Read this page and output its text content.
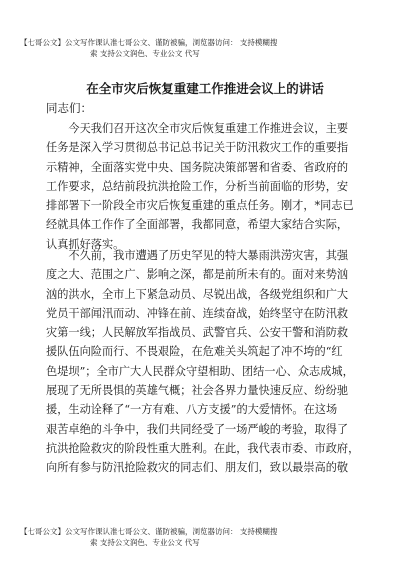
【七哥公文】公文写作课认准七哥公文、谨防被骗，浏览器访问： 支持模糊搜
索 支持公文润色、专业公文 代写
在全市灾后恢复重建工作推进会议上的讲话
同志们：

　　今天我们召开这次全市灾后恢复重建工作推进会议，主要
任务是深入学习贯彻总书记总书记关于防汛救灾工作的重要指
示精神，全面落实党中央、国务院决策部署和省委、省政府的
工作要求，总结前段抗洪抢险工作，分析当前面临的形势，安
排部署下一阶段全市灾后恢复重建的重点任务。刚才，*同志已
经就具体工作作了全面部署，我都同意，希望大家结合实际，
认真抓好落实。

　　不久前，我市遭遇了历史罕见的特大暴雨洪涝灾害，其强
度之大、范围之广、影响之深，都是前所未有的。面对来势汹
汹的洪水，全市上下紧急动员、尽锐出战，各级党组织和广大
党员干部闻汛而动、冲锋在前、连续奋战，始终坚守在防汛救
灾第一线；人民解放军指战员、武警官兵、公安干警和消防救
援队伍向险而行、不畏艰险，在危难关头筑起了冲不垮的“红
色堤坝”；全市广大人民群众守望相助、团结一心、众志成城，
展现了无所畏惧的英雄气概；社会各界力量快速反应、纷纷驰
援，生动诠释了“一方有难、八方支援”的大爱情怀。在这场
艰苦卓绝的斗争中，我们共同经受了一场严峻的考验，取得了
抗洪抢险救灾的阶段性重大胜利。在此，我代表市委、市政府，
向所有参与防汛抢险救灾的同志们、朋友们，致以最崇高的敬

【七哥公文】公文写作课认准七哥公文、谨防被骗，浏览器访问： 支持模糊搜
索 支持公文润色、专业公文 代写
